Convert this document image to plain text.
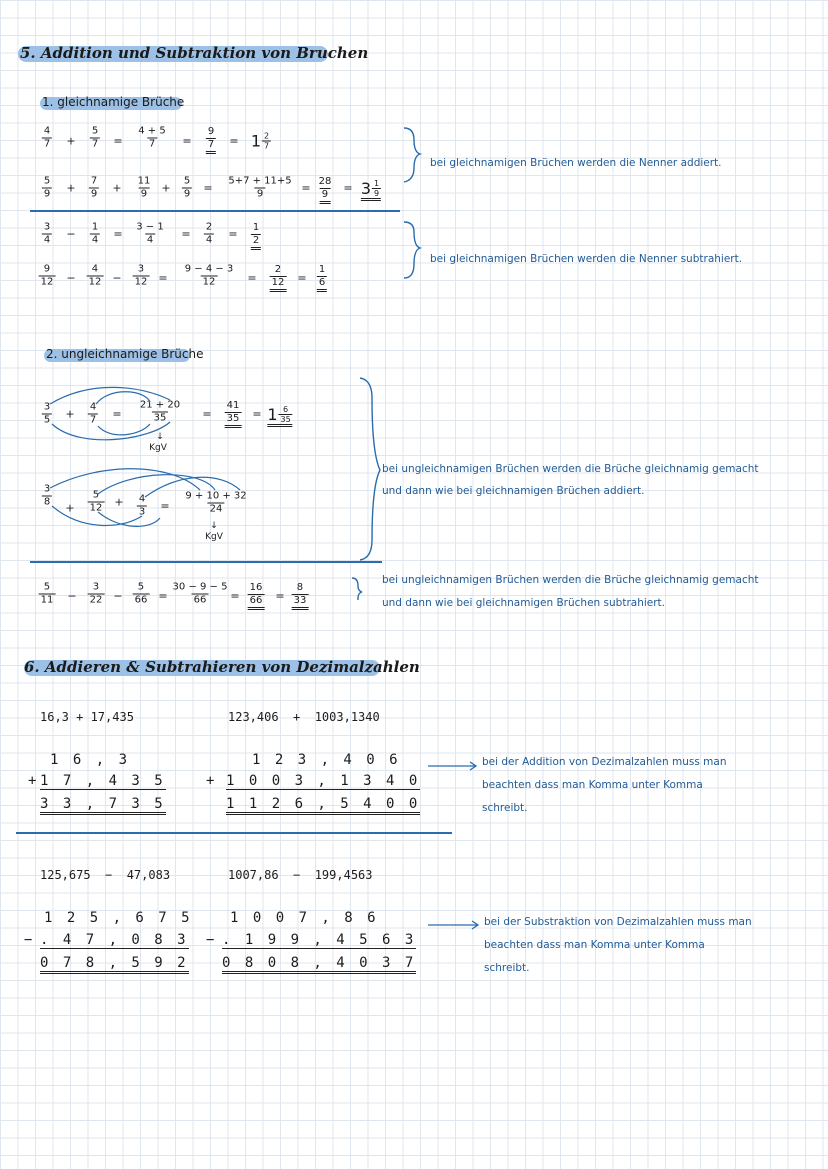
5. Addition und Subtraktion von Bruchen
1. gleichnamige Brüche
$\frac{4}{7} + \frac{5}{7} = \frac{4 + 5}{7} = \frac{9}{7} = 1 \frac{2}{7}$
$\frac{5}{9} + \frac{7}{9} + \frac{11}{9} + \frac{5}{9} = \frac{5+7 + 11+5}{9} = \frac{28}{9} = 3 \frac{1}{9}$
$\frac{3}{4} - \frac{1}{4} = \frac{3 - 1}{4} = \frac{2}{4} = \frac{1}{2}$
$\frac{9}{12} - \frac{4}{12} - \frac{3}{12} = \frac{9 - 4 - 3}{12} = \frac{2}{12} = \frac{1}{6}$
2. ungleichnamige Brüche
$\frac{3}{5} + \frac{4}{7} = \frac{21 + 20}{35}$
↓
KgV
= $\frac{41}{35} = 1 \frac{6}{35}$
$\frac{3}{8} + \frac{5}{12} + \frac{4}{3} = \frac{9 + 10 + 32}{24}$
↓
KgV
$\frac{5}{11} - \frac{3}{22} - \frac{5}{66} = \frac{30 - 9 - 5}{66} = \frac{16}{66} = \frac{8}{33}$
bei gleichnamigen Brüchen werden die Nenner addiert.
bei gleichnamigen Brüchen werden die Nenner subtrahiert.
bei ungleichnamigen Brüchen werden die Brüche gleichnamig gemacht
und dann wie bei gleichnamigen Brüchen addiert.
bei ungleichnamigen Brüchen werden die Brüche gleichnamig gemacht
und dann wie bei gleichnamigen Brüchen subtrahiert.
6. Addieren & Subtrahieren von Dezimalzahlen
16,3 + 17,435
1 6 , 3
+ 1 7 , 4 3 5
3 3 , 7 3 5
123,406  +  1003,1340
1 2 3 , 4 0 6
+ 1 0 0 3 , 1 3 4 0
1 1 2 6 , 5 4 0 0
bei der Addition von Dezimalzahlen muss man
beachten dass man Komma unter Komma
schreibt.
125,675  −  47,083
1 2 5 , 6 7 5
− . 4 7 , 0 8 3
0 7 8 , 5 9 2
1007,86  −  199,4563
1 0 0 7 , 8 6
− . 1 9 9 , 4 5 6 3
0 8 0 8 , 4 0 3 7
bei der Substraktion von Dezimalzahlen muss man
beachten dass man Komma unter Komma
schreibt.
